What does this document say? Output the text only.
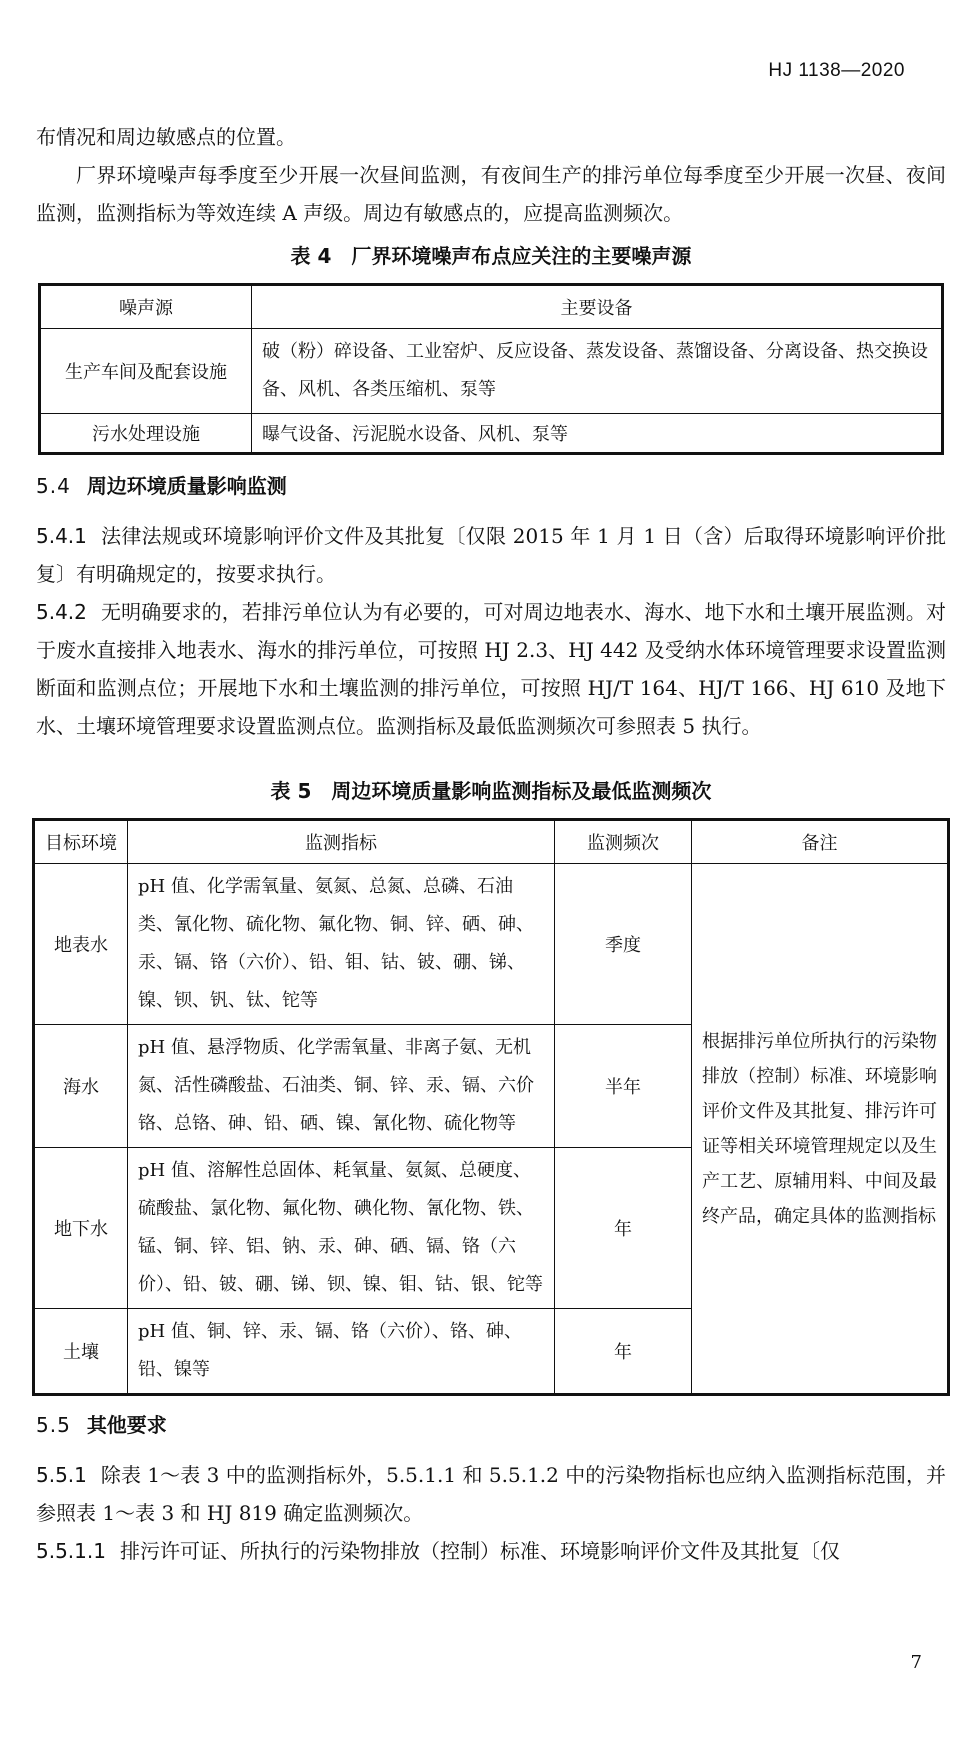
HJ 1138—2020

布情况和周边敏感点的位置。

厂界环境噪声每季度至少开展一次昼间监测，有夜间生产的排污单位每季度至少开展一次昼、夜间监测，监测指标为等效连续 A 声级。周边有敏感点的，应提高监测频次。

表 4　厂界环境噪声布点应关注的主要噪声源

噪声源	主要设备
生产车间及配套设施	破（粉）碎设备、工业窑炉、反应设备、蒸发设备、蒸馏设备、分离设备、热交换设备、风机、各类压缩机、泵等
污水处理设施	曝气设备、污泥脱水设备、风机、泵等

5.4 周边环境质量影响监测

5.4.1 法律法规或环境影响评价文件及其批复〔仅限 2015 年 1 月 1 日（含）后取得环境影响评价批复〕有明确规定的，按要求执行。

5.4.2 无明确要求的，若排污单位认为有必要的，可对周边地表水、海水、地下水和土壤开展监测。对于废水直接排入地表水、海水的排污单位，可按照 HJ 2.3、HJ 442 及受纳水体环境管理要求设置监测断面和监测点位；开展地下水和土壤监测的排污单位，可按照 HJ/T 164、HJ/T 166、HJ 610 及地下水、土壤环境管理要求设置监测点位。监测指标及最低监测频次可参照表 5 执行。

表 5　周边环境质量影响监测指标及最低监测频次

目标环境	监测指标	监测频次	备注
地表水	pH 值、化学需氧量、氨氮、总氮、总磷、石油类、氰化物、硫化物、氟化物、铜、锌、硒、砷、汞、镉、铬（六价）、铅、钼、钴、铍、硼、锑、镍、钡、钒、钛、铊等	季度	根据排污单位所执行的污染物排放（控制）标准、环境影响评价文件及其批复、排污许可证等相关环境管理规定以及生产工艺、原辅用料、中间及最终产品，确定具体的监测指标
海水	pH 值、悬浮物质、化学需氧量、非离子氨、无机氮、活性磷酸盐、石油类、铜、锌、汞、镉、六价铬、总铬、砷、铅、硒、镍、氰化物、硫化物等	半年	
地下水	pH 值、溶解性总固体、耗氧量、氨氮、总硬度、硫酸盐、氯化物、氟化物、碘化物、氰化物、铁、锰、铜、锌、铝、钠、汞、砷、硒、镉、铬（六价）、铅、铍、硼、锑、钡、镍、钼、钴、银、铊等	年	
土壤	pH 值、铜、锌、汞、镉、铬（六价）、铬、砷、铅、镍等	年	

5.5 其他要求

5.5.1 除表 1～表 3 中的监测指标外，5.5.1.1 和 5.5.1.2 中的污染物指标也应纳入监测指标范围，并参照表 1～表 3 和 HJ 819 确定监测频次。

5.5.1.1 排污许可证、所执行的污染物排放（控制）标准、环境影响评价文件及其批复〔仅

7
